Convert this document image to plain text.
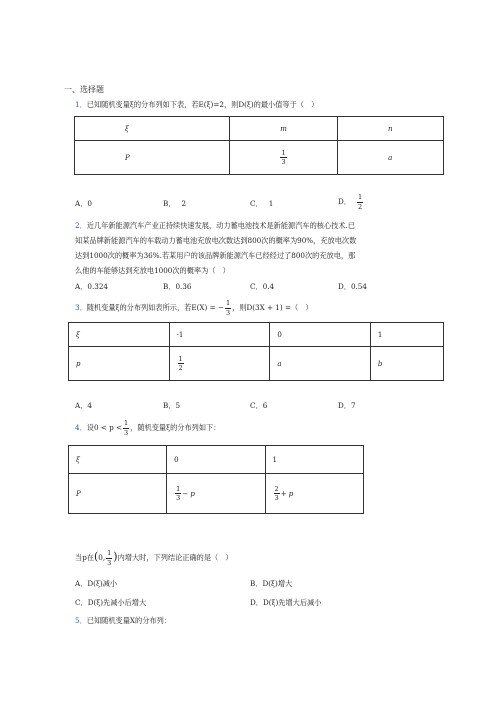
一、选择题
1．已知随机变量ξ的分布列如下表，若E(ξ)=2，则D(ξ)的最小值等于（　）
ξ	m	n
P	$\frac{1}{3}$	a
A．0	B． 2	C． 1	D． $\frac{1}{2}$
2．近几年新能源汽车产业正持续快速发展，动力蓄电池技术是新能源汽车的核心技术.已
知某品牌新能源汽车的车载动力蓄电池充放电次数达到800次的概率为90%，充放电次数
达到1000次的概率为36%.若某用户的该品牌新能源汽车已经经过了800次的充放电，那
么他的车能够达到充放电1000次的概率为（　）
A．0.324	B．0.36	C．0.4	D．0.54
3．随机变量ξ的分布列如表所示，若E(X) = − $\frac{1}{3}$ ，则D(3X + 1) =（　）
ξ	-1	0	1
p	$\frac{1}{2}$	a	b
A．4	B．5	C．6	D．7
4．设$0 < p < \frac{1}{3}$ ，随机变量ξ的分布列如下：
ξ	0	1
P	$\frac{1}{3} - p$	$\frac{2}{3} + p$
当p在(0, $\frac{1}{3}$ )内增大时，下列结论正确的是（　）
A．D(ξ)减小	B．D(ξ)增大
C．D(ξ)先减小后增大	D．D(ξ)先增大后减小
5．已知随机变量X的分布列：
